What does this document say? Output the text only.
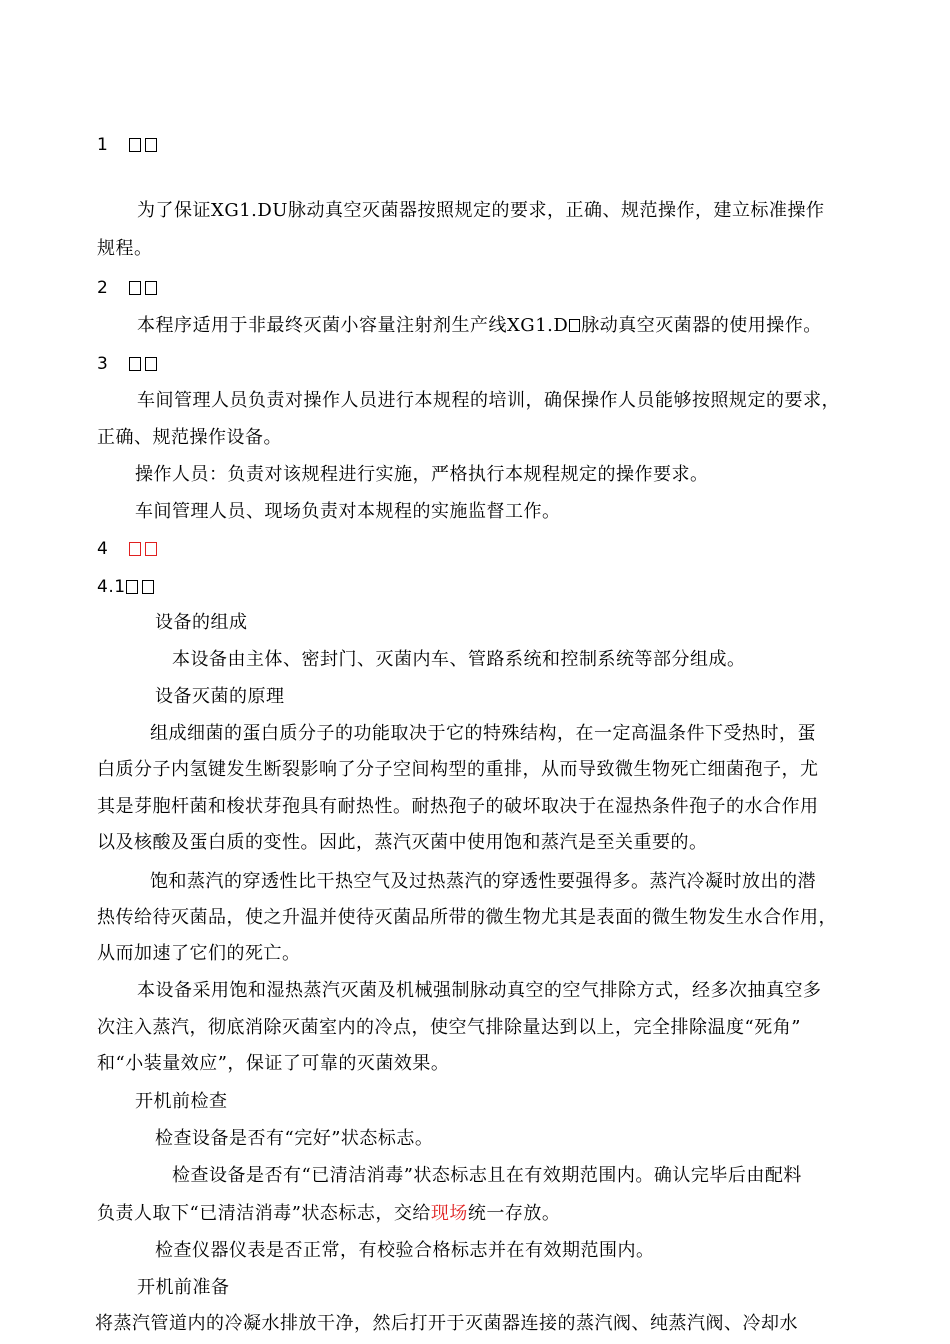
1
为了保证XG1.DU脉动真空灭菌器按照规定的要求，正确、规范操作，建立标准操作
规程。
2
本程序适用于非最终灭菌小容量注射剂生产线XG1.D 脉动真空灭菌器的使用操作。
3
车间管理人员负责对操作人员进行本规程的培训，确保操作人员能够按照规定的要求，
正确、规范操作设备。
操作人员：负责对该规程进行实施，严格执行本规程规定的操作要求。
车间管理人员、现场负责对本规程的实施监督工作。
4
4.1
设备的组成
本设备由主体、密封门、灭菌内车、管路系统和控制系统等部分组成。
设备灭菌的原理
组成细菌的蛋白质分子的功能取决于它的特殊结构，在一定高温条件下受热时，蛋
白质分子内氢键发生断裂影响了分子空间构型的重排，从而导致微生物死亡细菌孢子，尤
其是芽胞杆菌和梭状芽孢具有耐热性。耐热孢子的破坏取决于在湿热条件孢子的水合作用
以及核酸及蛋白质的变性。因此，蒸汽灭菌中使用饱和蒸汽是至关重要的。
饱和蒸汽的穿透性比干热空气及过热蒸汽的穿透性要强得多。蒸汽冷凝时放出的潜
热传给待灭菌品，使之升温并使待灭菌品所带的微生物尤其是表面的微生物发生水合作用，
从而加速了它们的死亡。
本设备采用饱和湿热蒸汽灭菌及机械强制脉动真空的空气排除方式，经多次抽真空多
次注入蒸汽，彻底消除灭菌室内的冷点，使空气排除量达到以上，完全排除温度“死角”
和“小装量效应”，保证了可靠的灭菌效果。
开机前检查
检查设备是否有“完好”状态标志。
检查设备是否有“已清洁消毒”状态标志且在有效期范围内。确认完毕后由配料
负责人取下“已清洁消毒”状态标志，交给现场统一存放。
检查仪器仪表是否正常，有校验合格标志并在有效期范围内。
开机前准备
将蒸汽管道内的冷凝水排放干净，然后打开于灭菌器连接的蒸汽阀、纯蒸汽阀、冷却水
